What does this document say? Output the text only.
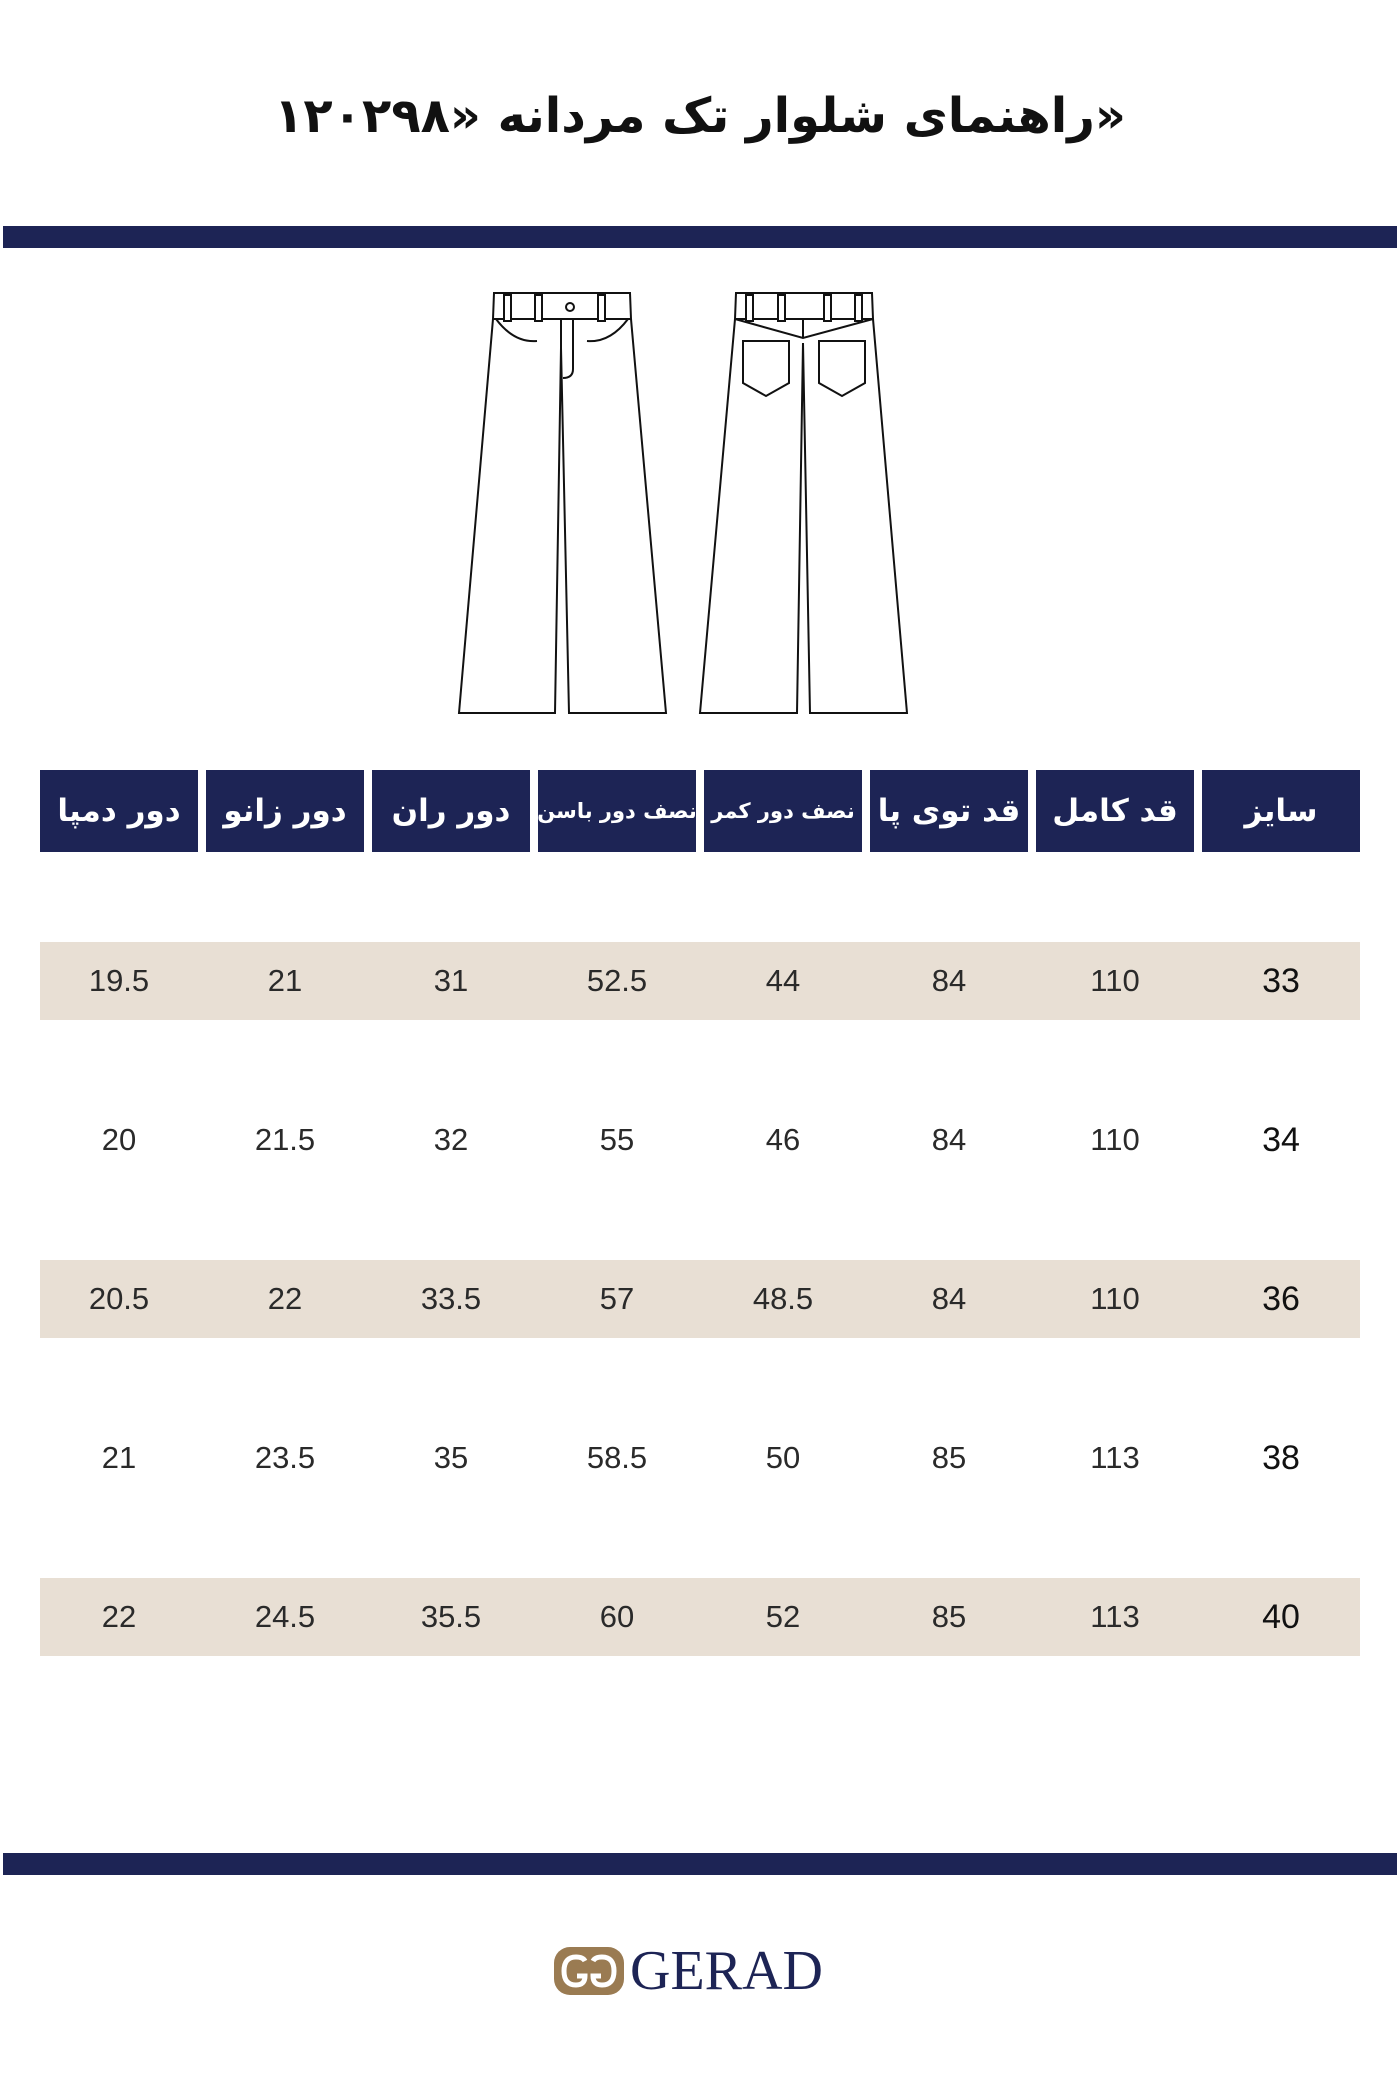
راهنمای شلوار تک مردانه «۱۲۰۲۹۸»
سایز
قد کامل
قد توی پا
نصف دور کمر
نصف دور باسن
دور ران
دور زانو
دور دمپا
33
110
84
44
52.5
31
21
19.5
34
110
84
46
55
32
21.5
20
36
110
84
48.5
57
33.5
22
20.5
38
113
85
50
58.5
35
23.5
21
40
113
85
52
60
35.5
24.5
22
GERAD
